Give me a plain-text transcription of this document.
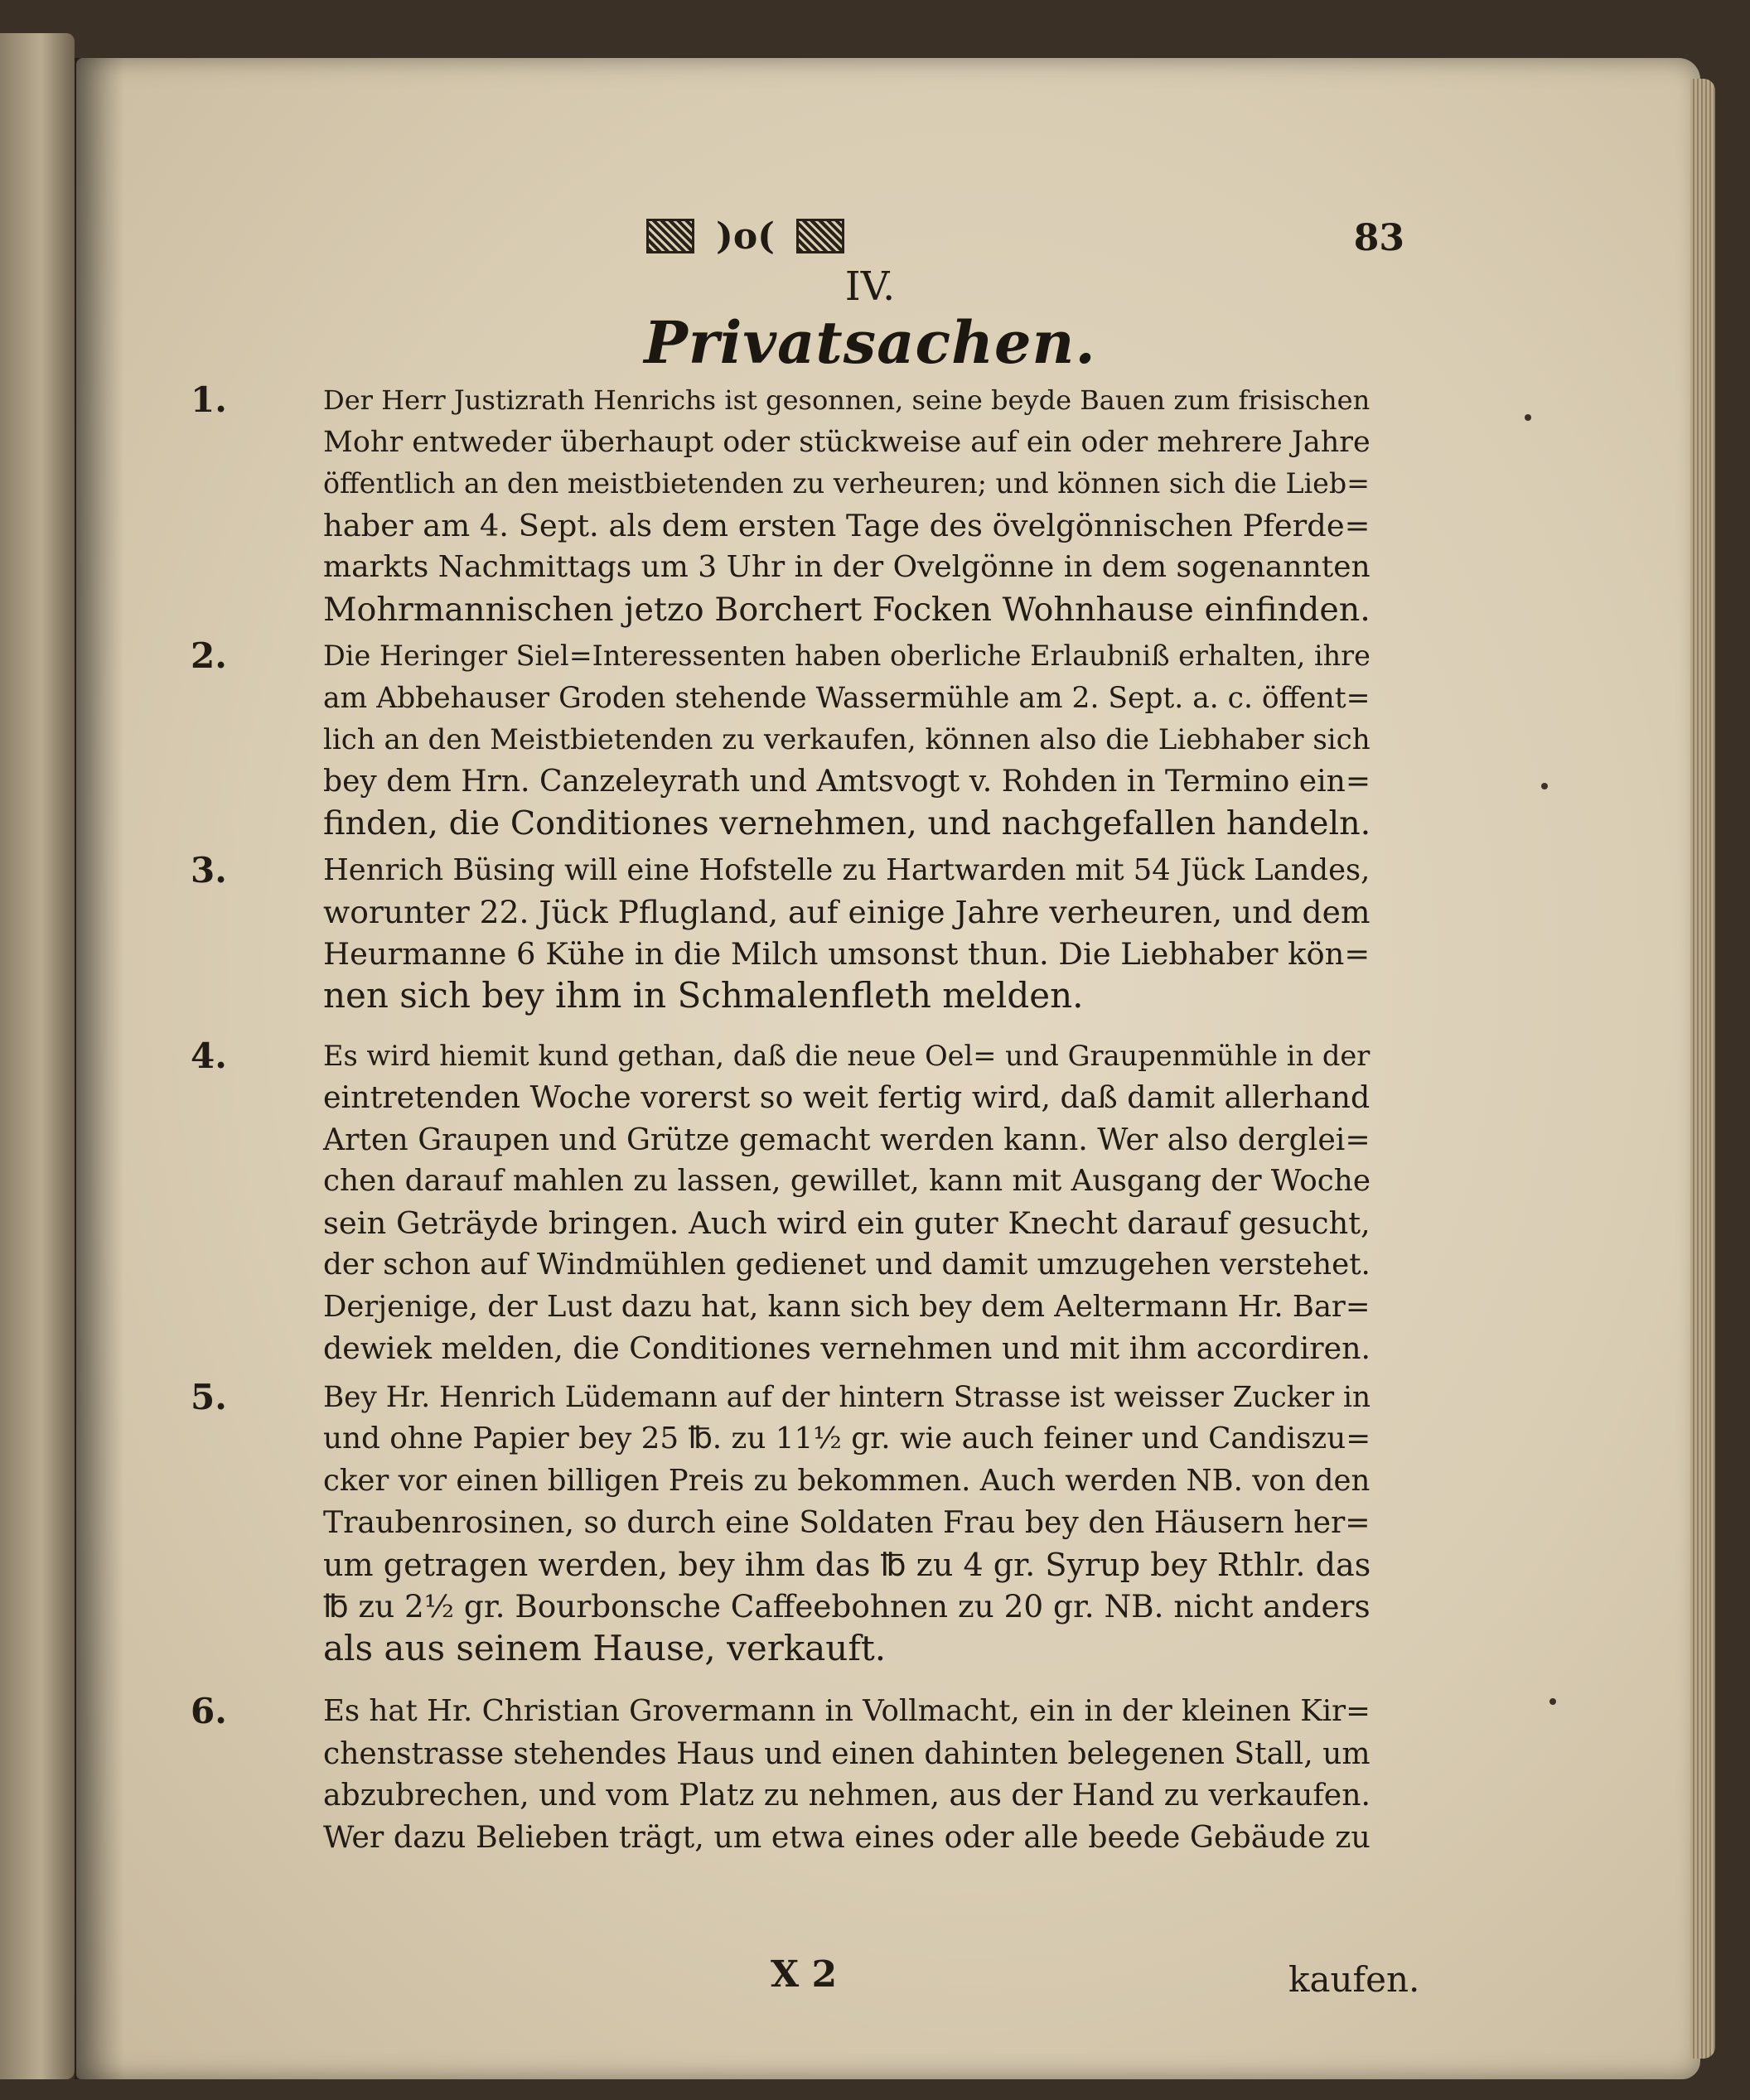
)o(	83
IV.
Privatsachen.
1.	Der Herr Justizrath Henrichs ist gesonnen, seine beyde Bauen zum frisischen
Mohr entweder überhaupt oder stückweise auf ein oder mehrere Jahre
öffentlich an den meistbietenden zu verheuren; und können sich die Lieb=
haber am 4. Sept. als dem ersten Tage des övelgönnischen Pferde=
markts Nachmittags um 3 Uhr in der Ovelgönne in dem sogenannten
Mohrmannischen jetzo Borchert Focken Wohnhause einfinden.
2.	Die Heringer Siel=Interessenten haben oberliche Erlaubniß erhalten, ihre
am Abbehauser Groden stehende Wassermühle am 2. Sept. a. c. öffent=
lich an den Meistbietenden zu verkaufen, können also die Liebhaber sich
bey dem Hrn. Canzeleyrath und Amtsvogt v. Rohden in Termino ein=
finden, die Conditiones vernehmen, und nachgefallen handeln.
3.	Henrich Büsing will eine Hofstelle zu Hartwarden mit 54 Jück Landes,
worunter 22. Jück Pflugland, auf einige Jahre verheuren, und dem
Heurmanne 6 Kühe in die Milch umsonst thun. Die Liebhaber kön=
nen sich bey ihm in Schmalenfleth melden.
4.	Es wird hiemit kund gethan, daß die neue Oel= und Graupenmühle in der
eintretenden Woche vorerst so weit fertig wird, daß damit allerhand
Arten Graupen und Grütze gemacht werden kann. Wer also derglei=
chen darauf mahlen zu lassen, gewillet, kann mit Ausgang der Woche
sein Geträyde bringen. Auch wird ein guter Knecht darauf gesucht,
der schon auf Windmühlen gedienet und damit umzugehen verstehet.
Derjenige, der Lust dazu hat, kann sich bey dem Aeltermann Hr. Bar=
dewiek melden, die Conditiones vernehmen und mit ihm accordiren.
5.	Bey Hr. Henrich Lüdemann auf der hintern Strasse ist weisser Zucker in
und ohne Papier bey 25 ℔. zu 11½ gr. wie auch feiner und Candiszu=
cker vor einen billigen Preis zu bekommen. Auch werden NB. von den
Traubenrosinen, so durch eine Soldaten Frau bey den Häusern her=
um getragen werden, bey ihm das ℔ zu 4 gr. Syrup bey Rthlr. das
℔ zu 2½ gr. Bourbonsche Caffeebohnen zu 20 gr. NB. nicht anders
als aus seinem Hause, verkauft.
6.	Es hat Hr. Christian Grovermann in Vollmacht, ein in der kleinen Kir=
chenstrasse stehendes Haus und einen dahinten belegenen Stall, um
abzubrechen, und vom Platz zu nehmen, aus der Hand zu verkaufen.
Wer dazu Belieben trägt, um etwa eines oder alle beede Gebäude zu
X 2	kaufen.
